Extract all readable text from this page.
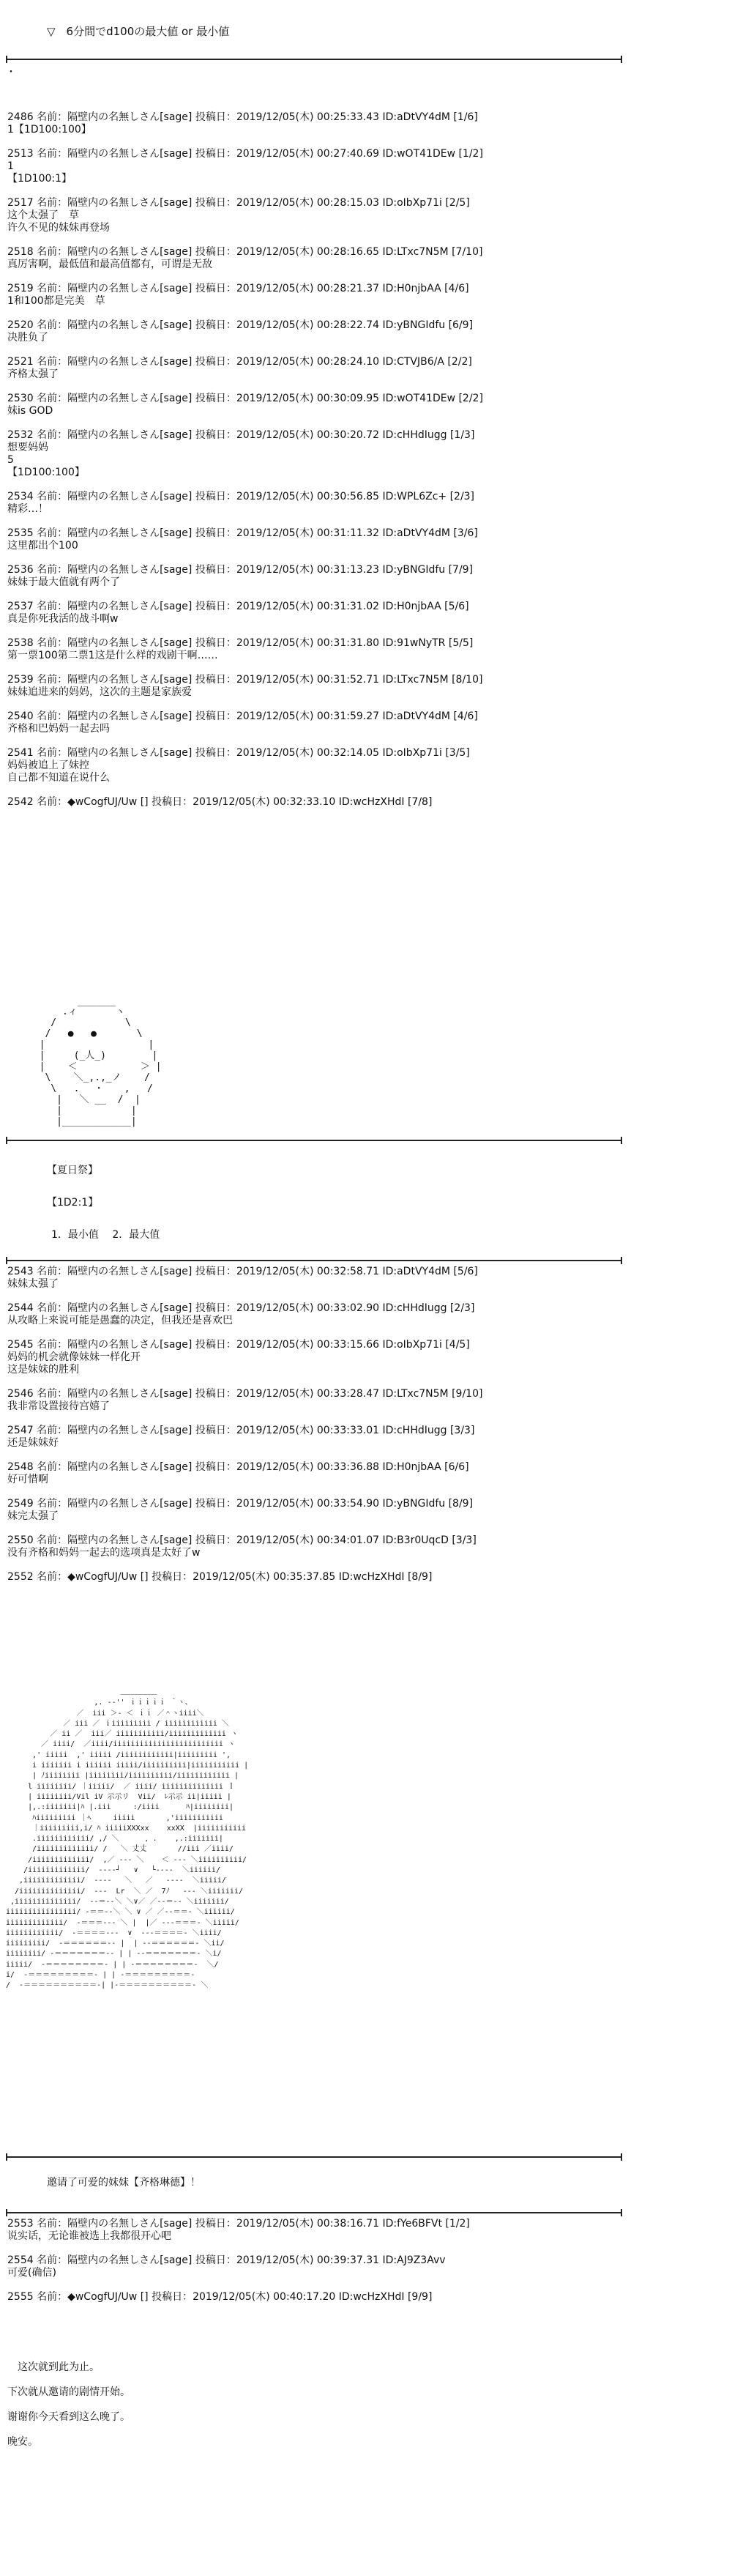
▽　6分間でd100の最大値 or 最小値
・
2486 名前：隔壁内の名無しさん[sage] 投稿日：2019/12/05(木) 00:25:33.43 ID:aDtVY4dM [1/6]
1【1D100:100】
2513 名前：隔壁内の名無しさん[sage] 投稿日：2019/12/05(木) 00:27:40.69 ID:wOT41DEw [1/2]
1
【1D100:1】
2517 名前：隔壁内の名無しさん[sage] 投稿日：2019/12/05(木) 00:28:15.03 ID:oIbXp71i [2/5]
这个太强了　草
许久不见的妹妹再登场
2518 名前：隔壁内の名無しさん[sage] 投稿日：2019/12/05(木) 00:28:16.65 ID:LTxc7N5M [7/10]
真厉害啊，最低值和最高值都有，可谓是无敌
2519 名前：隔壁内の名無しさん[sage] 投稿日：2019/12/05(木) 00:28:21.37 ID:H0njbAA [4/6]
1和100都是完美　草
2520 名前：隔壁内の名無しさん[sage] 投稿日：2019/12/05(木) 00:28:22.74 ID:yBNGIdfu [6/9]
决胜负了
2521 名前：隔壁内の名無しさん[sage] 投稿日：2019/12/05(木) 00:28:24.10 ID:CTVJB6/A [2/2]
齐格太强了
2530 名前：隔壁内の名無しさん[sage] 投稿日：2019/12/05(木) 00:30:09.95 ID:wOT41DEw [2/2]
妹is GOD
2532 名前：隔壁内の名無しさん[sage] 投稿日：2019/12/05(木) 00:30:20.72 ID:cHHdIugg [1/3]
想要妈妈
5
【1D100:100】
2534 名前：隔壁内の名無しさん[sage] 投稿日：2019/12/05(木) 00:30:56.85 ID:WPL6Zc+ [2/3]
精彩…！
2535 名前：隔壁内の名無しさん[sage] 投稿日：2019/12/05(木) 00:31:11.32 ID:aDtVY4dM [3/6]
这里都出个100
2536 名前：隔壁内の名無しさん[sage] 投稿日：2019/12/05(木) 00:31:13.23 ID:yBNGIdfu [7/9]
妹妹于最大值就有两个了
2537 名前：隔壁内の名無しさん[sage] 投稿日：2019/12/05(木) 00:31:31.02 ID:H0njbAA [5/6]
真是你死我活的战斗啊w
2538 名前：隔壁内の名無しさん[sage] 投稿日：2019/12/05(木) 00:31:31.80 ID:91wNyTR [5/5]
第一票100第二票1这是什么样的戏剧干啊……
2539 名前：隔壁内の名無しさん[sage] 投稿日：2019/12/05(木) 00:31:52.71 ID:LTxc7N5M [8/10]
妹妹追进来的妈妈，这次的主题是家族爱
2540 名前：隔壁内の名無しさん[sage] 投稿日：2019/12/05(木) 00:31:59.27 ID:aDtVY4dM [4/6]
齐格和巴妈妈一起去吗
2541 名前：隔壁内の名無しさん[sage] 投稿日：2019/12/05(木) 00:32:14.05 ID:oIbXp71i [3/5]
妈妈被追上了妹控
自己都不知道在说什么
2542 名前：◆wCogfUJ/Uw [] 投稿日：2019/12/05(木) 00:32:33.10 ID:wcHzXHdI [7/8]
.ィ￣￣￣￣ヽ
/            \
/   ●   ●       \
|                  |
|     (_人_)        |
|    ＜           ＞ |
\    ＼_,.,_ノ    /
\   .   ･    ,   /
|   ＼ __  /  |
|            |
|____________|
【夏日祭】
【1D2:1】
1．最小值　 2．最大值
2543 名前：隔壁内の名無しさん[sage] 投稿日：2019/12/05(木) 00:32:58.71 ID:aDtVY4dM [5/6]
妹妹太强了
2544 名前：隔壁内の名無しさん[sage] 投稿日：2019/12/05(木) 00:33:02.90 ID:cHHdIugg [2/3]
从攻略上来说可能是愚蠢的决定，但我还是喜欢巴
2545 名前：隔壁内の名無しさん[sage] 投稿日：2019/12/05(木) 00:33:15.66 ID:oIbXp71i [4/5]
妈妈的机会就像妹妹一样化开
这是妹妹的胜利
2546 名前：隔壁内の名無しさん[sage] 投稿日：2019/12/05(木) 00:33:28.47 ID:LTxc7N5M [9/10]
我非常设置接待宫嬉了
2547 名前：隔壁内の名無しさん[sage] 投稿日：2019/12/05(木) 00:33:33.01 ID:cHHdIugg [3/3]
还是妹妹好
2548 名前：隔壁内の名無しさん[sage] 投稿日：2019/12/05(木) 00:33:36.88 ID:H0njbAA [6/6]
好可惜啊
2549 名前：隔壁内の名無しさん[sage] 投稿日：2019/12/05(木) 00:33:54.90 ID:yBNGIdfu [8/9]
妹完太强了
2550 名前：隔壁内の名無しさん[sage] 投稿日：2019/12/05(木) 00:34:01.07 ID:B3r0UqcD [3/3]
没有齐格和妈妈一起去的选项真是太好了w
2552 名前：◆wCogfUJ/Uw [] 投稿日：2019/12/05(木) 00:35:37.85 ID:wcHzXHdI [8/9]
＿＿＿＿＿
,. -‐'' ｉｉｉｉｉ ｀ヽ、
／  iii ＞‐ ＜ ｉｉ ／＾ヽiiii＼
／ iii ／ ｉiiiiiiiii / iiiiiiiiiiii ＼
／ ii ／  iii／ iiiiiiiiiii/iiiiiiiiiiiii ヽ
／ iiii/  ／iiii/iiiiiiiiiiiiiiiiiiiiiiiii ヽ
,' iiiii  ,' iiiii /iiiiiiiiiiii|iiiiiiiii ',
i iiiiiii i iiiiii iiiii/iiiiiiiiii|iiiiiiiiiii |
| ﾉiiiiiiii |iiiiiiii/iiiiiiiiii/iiiiiiiiiiii |
l iiiiiiii/ ｜iiiii/  ／ iiii/ iiiiiiiiiiiiii ｌ
| iiiiiiii/Vil iV 示示リ  Vii/  ﾚ示示 ii|iiiii |
|,.:iiiiiii|ﾊ |.iii     :/iiii      ﾊ|iiiiiiii|
ﾊiiiiiiiii ｜ﾍ     iiiii       ,'iiiiiiiiiii
｜iiiiiiiii,i/ ﾊ iiiiiXXXxx    xxXX  |iiiiiiiiiii
.iiiiiiiiiiii/ ,/ ＼      ，.    ,.:iiiiiii|
/iiiiiiiiiiiii/ /   ＼ 丈丈       //iii ／iiii/
/iiiiiiiiiiiii/  ,／ ‐‐‐ ＼    ＜ ‐‐‐ ＼iiiiiiiiii/
/iiiiiiiiiiiii/  ‐‐‐‐┘   ∨   └‐‐‐‐  ＼iiiiii/
,iiiiiiiiiiiii/  ‐‐‐‐   ＼   ／   ‐‐‐‐  ＼iiiii/
/iiiiiiiiiiiiii/  ‐‐‐  Lr  ＼ ／  7ﾉ   ‐‐‐ ＼iiiiiii/
,iiiiiiiiiiiiii/  ‐‐＝‐‐＼ ＼∨／ ／‐‐＝‐‐ ＼iiiiiii/
iiiiiiiiiiiiiiii/ ‐＝＝‐‐＼ ＼ ∨ ／ ／‐‐＝＝‐ ＼iiiiii/
iiiiiiiiiiiii/  ‐＝＝＝‐‐‐ ＼ |  |／ ‐‐‐＝＝＝‐ ＼iiiii/
iiiiiiiiiiii/  ‐＝＝＝＝‐‐‐  ∨  ‐‐‐＝＝＝＝‐ ＼iiii/
iiiiiiiii/  ‐＝＝＝＝＝＝‐‐ |  | ‐‐＝＝＝＝＝＝‐ ＼ii/
iiiiiiii/ ‐＝＝＝＝＝＝＝‐‐ | | ‐‐＝＝＝＝＝＝＝‐ ＼i/
iiiii/  ‐＝＝＝＝＝＝＝＝‐ | | ‐＝＝＝＝＝＝＝＝‐  ＼/
i/  ‐＝＝＝＝＝＝＝＝＝‐ | | ‐＝＝＝＝＝＝＝＝＝‐
/  ‐＝＝＝＝＝＝＝＝＝＝‐| |‐＝＝＝＝＝＝＝＝＝＝‐ ＼
邀请了可爱的妹妹【齐格琳德】！
2553 名前：隔壁内の名無しさん[sage] 投稿日：2019/12/05(木) 00:38:16.71 ID:fYe6BFVt [1/2]
说实话，无论谁被选上我都很开心吧
2554 名前：隔壁内の名無しさん[sage] 投稿日：2019/12/05(木) 00:39:37.31 ID:AJ9Z3Avv
可爱(确信)
2555 名前：◆wCogfUJ/Uw [] 投稿日：2019/12/05(木) 00:40:17.20 ID:wcHzXHdI [9/9]
这次就到此为止。
下次就从邀请的剧情开始。
谢谢你今天看到这么晚了。
晚安。
